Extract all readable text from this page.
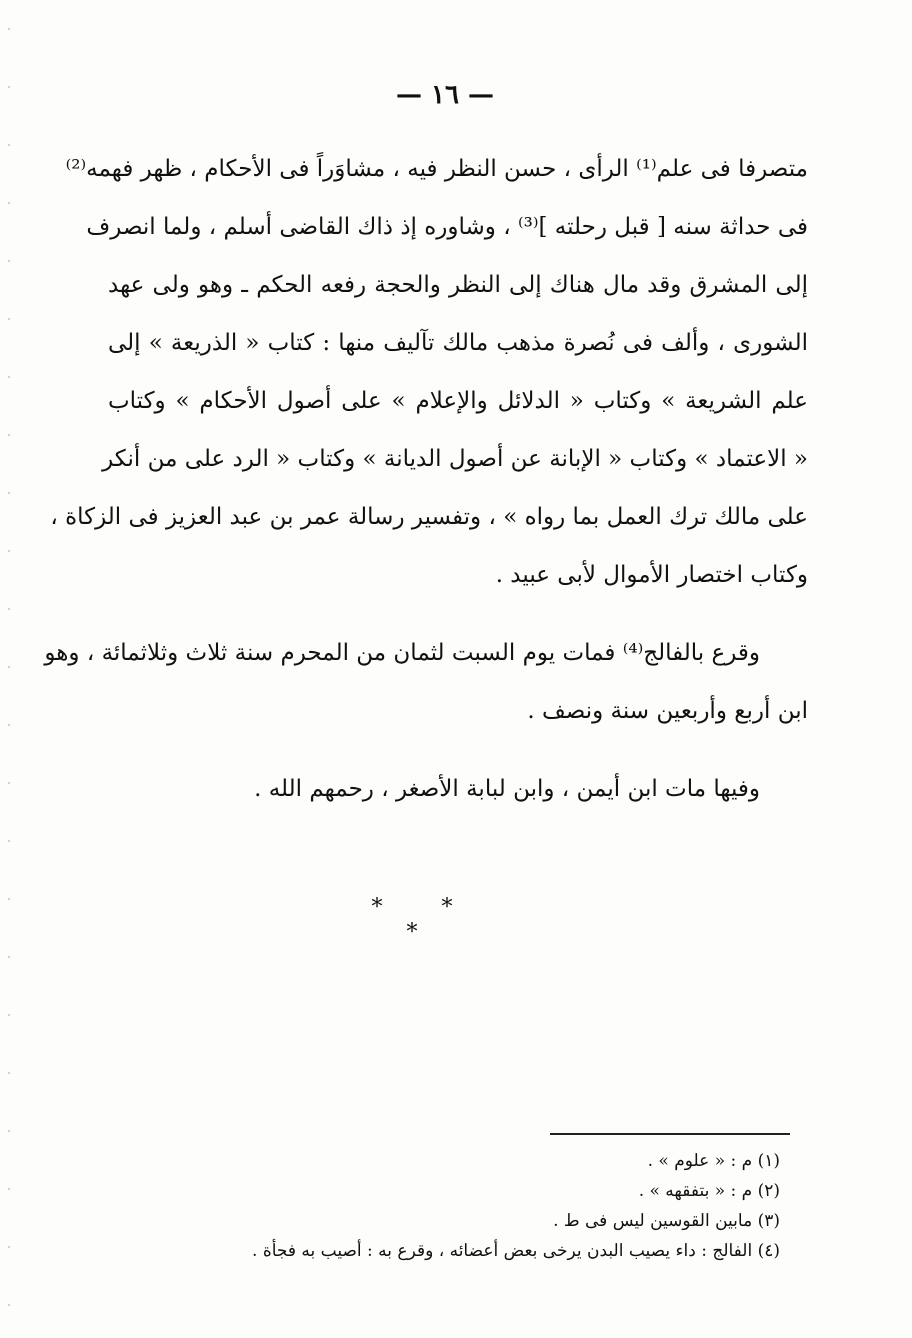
— ١٦ —
متصرفا فى علم⁽¹⁾ الرأى ، حسن النظر فيه ، مشاوَراً فى الأحكام ، ظهر فهمه⁽²⁾
فى حداثة سنه [ قبل رحلته ]⁽³⁾ ، وشاوره إذ ذاك القاضى أسلم ، ولما انصرف
إلى المشرق وقد مال هناك إلى النظر والحجة رفعه الحكم ـ وهو ولى عهد
الشورى ، وألف فى نُصرة مذهب مالك تآليف منها : كتاب « الذريعة » إلى
علم الشريعة » وكتاب « الدلائل والإعلام » على أصول الأحكام » وكتاب
« الاعتماد » وكتاب « الإبانة عن أصول الديانة » وكتاب « الرد على من أنكر
على مالك ترك العمل بما رواه » ، وتفسير رسالة عمر بن عبد العزيز فى الزكاة ،
وكتاب اختصار الأموال لأبى عبيد .
وقرع بالفالج⁽⁴⁾ فمات يوم السبت لثمان من المحرم سنة ثلاث وثلاثمائة ، وهو
ابن أربع وأربعين سنة ونصف .
وفيها مات ابن أيمن ، وابن لبابة الأصغر ، رحمهم الله .
* * *
(١) م : « علوم » .
(٢) م : « بتفقهه » .
(٣) مابين القوسين ليس فى ط .
(٤) الفالج : داء يصيب البدن يرخى بعض أعضائه ، وقرع به : أصيب به فجأة .
